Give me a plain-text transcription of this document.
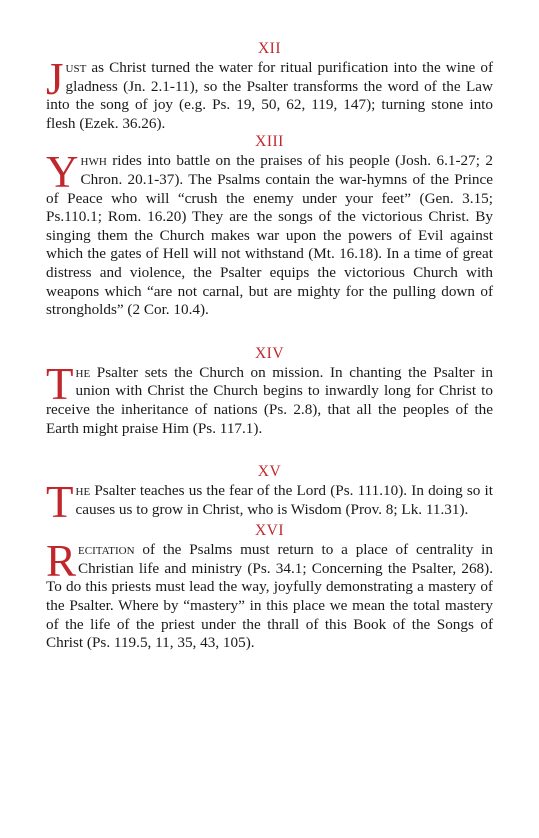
XII

Just as Christ turned the water for ritual purification into the wine of gladness (Jn. 2.1-11), so the Psalter transforms the word of the Law into the song of joy (e.g. Ps. 19, 50, 62, 119, 147); turning stone into flesh (Ezek. 36.26).

XIII

Yhwh rides into battle on the praises of his people (Josh. 6.1-27; 2 Chron. 20.1-37). The Psalms contain the war-hymns of the Prince of Peace who will “crush the enemy under your feet” (Gen. 3.15; Ps.110.1; Rom. 16.20) They are the songs of the victorious Christ. By singing them the Church makes war upon the powers of Evil against which the gates of Hell will not withstand (Mt. 16.18). In a time of great distress and violence, the Psalter equips the victorious Church with weapons which “are not carnal, but are mighty for the pulling down of strongholds” (2 Cor. 10.4).

XIV

The Psalter sets the Church on mission. In chanting the Psalter in union with Christ the Church begins to inwardly long for Christ to receive the inheritance of nations (Ps. 2.8), that all the peoples of the Earth might praise Him (Ps. 117.1).

XV

The Psalter teaches us the fear of the Lord (Ps. 111.10). In doing so it causes us to grow in Christ, who is Wisdom (Prov. 8; Lk. 11.31).

XVI

Recitation of the Psalms must return to a place of centrality in Christian life and ministry (Ps. 34.1; Concerning the Psalter, 268). To do this priests must lead the way, joyfully demonstrating a mastery of the Psalter. Where by “mastery” in this place we mean the total mastery of the life of the priest under the thrall of this Book of the Songs of Christ (Ps. 119.5, 11, 35, 43, 105).
